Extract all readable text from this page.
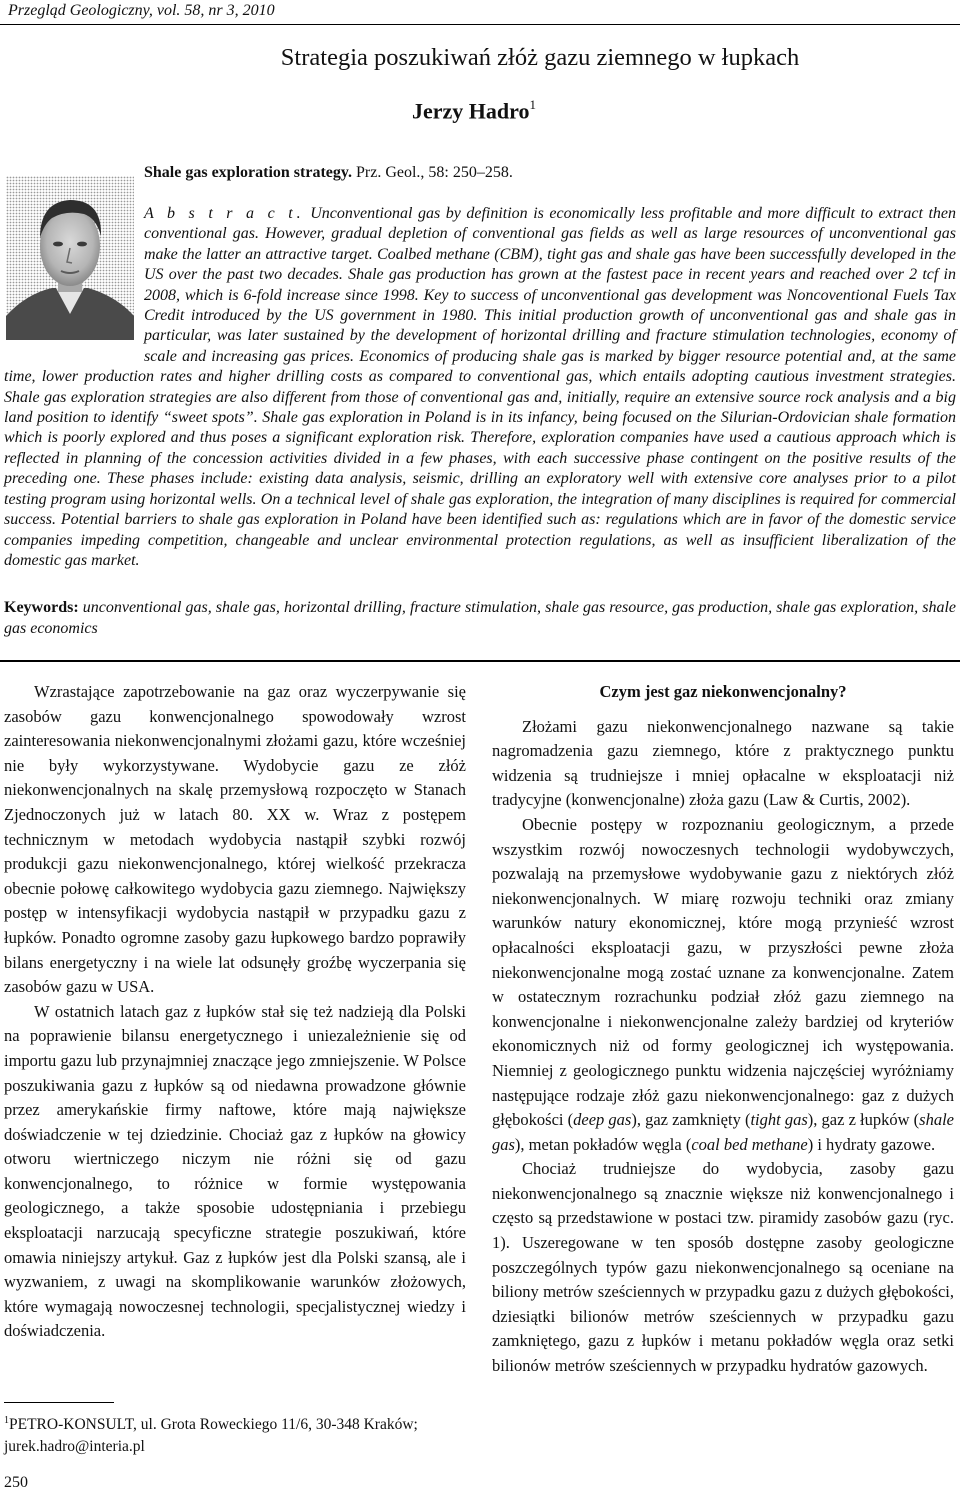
Przegląd Geologiczny, vol. 58, nr 3, 2010
Strategia poszukiwań złóż gazu ziemnego w łupkach
Jerzy Hadro$^1$
Shale gas exploration strategy. Prz. Geol., 58: 250–258.
A b s t r a c t. Unconventional gas by definition is economically less profitable and more difficult to extract then conventional gas. However, gradual depletion of conventional gas fields as well as large resources of unconventional gas make the latter an attractive target. Coalbed methane (CBM), tight gas and shale gas have been successfully developed in the US over the past two decades. Shale gas production has grown at the fastest pace in recent years and reached over 2 tcf in 2008, which is 6-fold increase since 1998. Key to success of unconventional gas development was Noncoventional Fuels Tax Credit introduced by the US government in 1980. This initial production growth of unconventional gas and shale gas in particular, was later sustained by the development of horizontal drilling and fracture stimulation technologies, economy of scale and increasing gas prices. Economics of producing shale gas is marked by bigger resource potential and, at the same time, lower production rates and higher drilling costs as compared to conventional gas, which entails adopting cautious investment strategies. Shale gas exploration strategies are also different from those of conventional gas and, initially, require an extensive source rock analysis and a big land position to identify “sweet spots”. Shale gas exploration in Poland is in its infancy, being focused on the Silurian-Ordovician shale formation which is poorly explored and thus poses a significant exploration risk. Therefore, exploration companies have used a cautious approach which is reflected in planning of the concession activities divided in a few phases, with each successive phase contingent on the positive results of the preceding one. These phases include: existing data analysis, seismic, drilling an exploratory well with extensive core analyses prior to a pilot testing program using horizontal wells. On a technical level of shale gas exploration, the integration of many disciplines is required for commercial success. Potential barriers to shale gas exploration in Poland have been identified such as: regulations which are in favor of the domestic service companies impeding competition, changeable and unclear environmental protection regulations, as well as insufficient liberalization of the domestic gas market.
Keywords: unconventional gas, shale gas, horizontal drilling, fracture stimulation, shale gas resource, gas production, shale gas exploration, shale gas economics

Wzrastające zapotrzebowanie na gaz oraz wyczerpywanie się zasobów gazu konwencjonalnego spowodowały wzrost zainteresowania niekonwencjonalnymi złożami gazu, które wcześniej nie były wykorzystywane. Wydobycie gazu ze złóż niekonwencjonalnych na skalę przemysłową rozpoczęto w Stanach Zjednoczonych już w latach 80. XX w. Wraz z postępem technicznym w metodach wydobycia nastąpił szybki rozwój produkcji gazu niekonwencjonalnego, której wielkość przekracza obecnie połowę całkowitego wydobycia gazu ziemnego. Największy postęp w intensyfikacji wydobycia nastąpił w przypadku gazu z łupków. Ponadto ogromne zasoby gazu łupkowego bardzo poprawiły bilans energetyczny i na wiele lat odsunęły groźbę wyczerpania się zasobów gazu w USA.

W ostatnich latach gaz z łupków stał się też nadzieją dla Polski na poprawienie bilansu energetycznego i uniezależnienie się od importu gazu lub przynajmniej znaczące jego zmniejszenie. W Polsce poszukiwania gazu z łupków są od niedawna prowadzone głównie przez amerykańskie firmy naftowe, które mają największe doświadczenie w tej dziedzinie. Chociaż gaz z łupków na głowicy otworu wiertniczego niczym nie różni się od gazu konwencjonalnego, to różnice w formie występowania geologicznego, a także sposobie udostępniania i przebiegu eksploatacji narzucają specyficzne strategie poszukiwań, które omawia niniejszy artykuł. Gaz z łupków jest dla Polski szansą, ale i wyzwaniem, z uwagi na skomplikowanie warunków złożowych, które wymagają nowoczesnej technologii, specjalistycznej wiedzy i doświadczenia.

Czym jest gaz niekonwencjonalny?

Złożami gazu niekonwencjonalnego nazwane są takie nagromadzenia gazu ziemnego, które z praktycznego punktu widzenia są trudniejsze i mniej opłacalne w eksploatacji niż tradycyjne (konwencjonalne) złoża gazu (Law & Curtis, 2002).

Obecnie postępy w rozpoznaniu geologicznym, a przede wszystkim rozwój nowoczesnych technologii wydobywczych, pozwalają na przemysłowe wydobywanie gazu z niektórych złóż niekonwencjonalnych. W miarę rozwoju techniki oraz zmiany warunków natury ekonomicznej, które mogą przynieść wzrost opłacalności eksploatacji gazu, w przyszłości pewne złoża niekonwencjonalne mogą zostać uznane za konwencjonalne. Zatem w ostatecznym rozrachunku podział złóż gazu ziemnego na konwencjonalne i niekonwencjonalne zależy bardziej od kryteriów ekonomicznych niż od formy geologicznej ich występowania. Niemniej z geologicznego punktu widzenia najczęściej wyróżniamy następujące rodzaje złóż gazu niekonwencjonalnego: gaz z dużych głębokości (deep gas), gaz zamknięty (tight gas), gaz z łupków (shale gas), metan pokładów węgla (coal bed methane) i hydraty gazowe.

Chociaż trudniejsze do wydobycia, zasoby gazu niekonwencjonalnego są znacznie większe niż konwencjonalnego i często są przedstawione w postaci tzw. piramidy zasobów gazu (ryc. 1). Uszeregowane w ten sposób dostępne zasoby geologiczne poszczególnych typów gazu niekonwencjonalnego są oceniane na biliony metrów sześciennych w przypadku gazu z dużych głębokości, dziesiątki bilionów metrów sześciennych w przypadku gazu zamkniętego, gazu z łupków i metanu pokładów węgla oraz setki bilionów metrów sześciennych w przypadku hydratów gazowych.

$^1$PETRO-KONSULT, ul. Grota Roweckiego 11/6, 30-348 Kraków; jurek.hadro@interia.pl
250
